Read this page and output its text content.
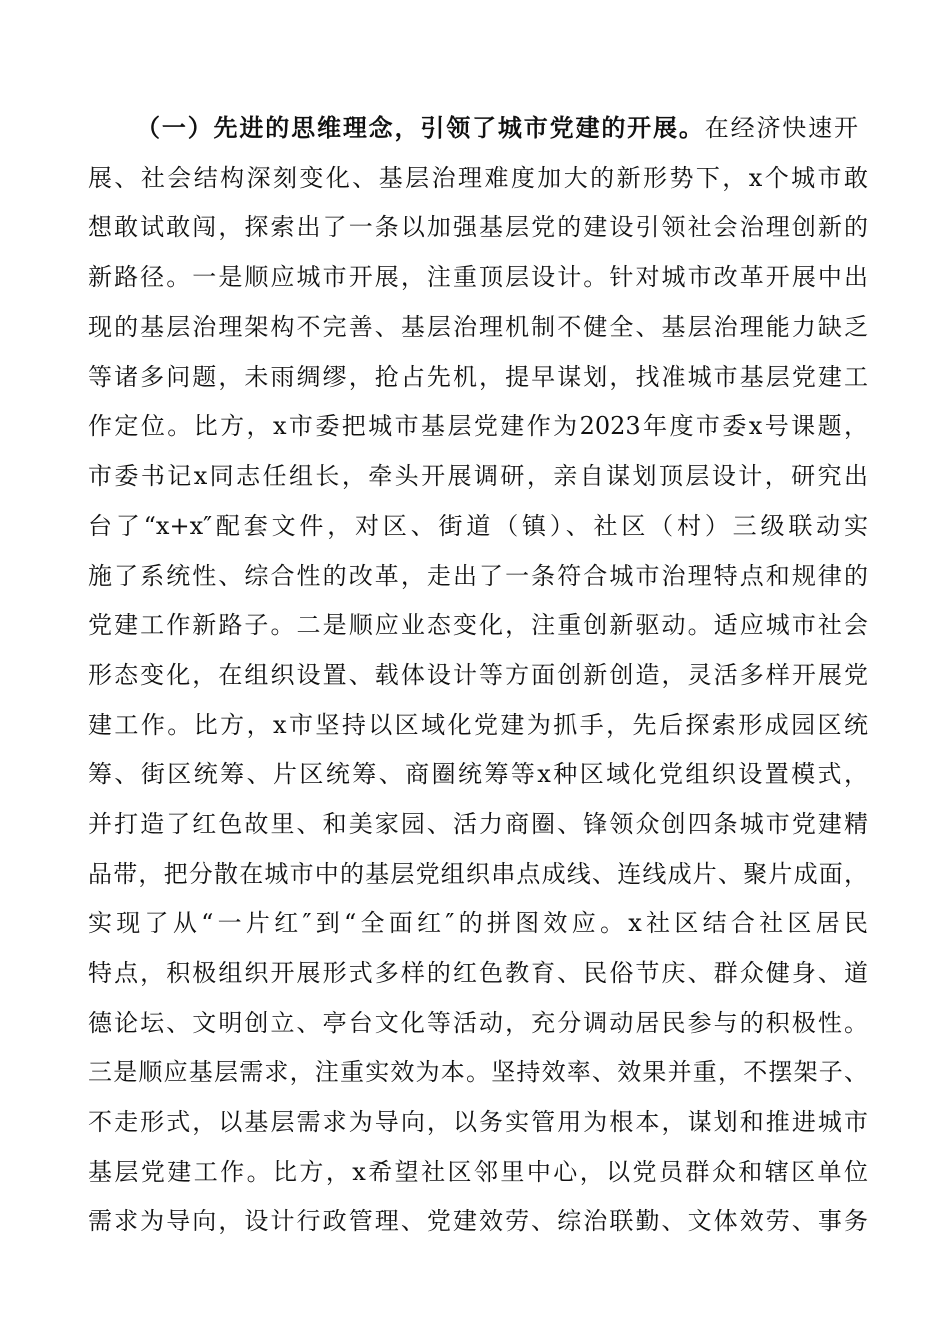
（一）先进的思维理念，引领了城市党建的开展。在经济快速开
展、社会结构深刻变化、基层治理难度加大的新形势下，x个城市敢
想敢试敢闯，探索出了一条以加强基层党的建设引领社会治理创新的
新路径。一是顺应城市开展，注重顶层设计。针对城市改革开展中出
现的基层治理架构不完善、基层治理机制不健全、基层治理能力缺乏
等诸多问题，未雨绸缪，抢占先机，提早谋划，找准城市基层党建工
作定位。比方，x市委把城市基层党建作为2023年度市委x号课题，
市委书记x同志任组长，牵头开展调研，亲自谋划顶层设计，研究出
台了“x+x″配套文件，对区、街道（镇）、社区（村）三级联动实
施了系统性、综合性的改革，走出了一条符合城市治理特点和规律的
党建工作新路子。二是顺应业态变化，注重创新驱动。适应城市社会
形态变化，在组织设置、载体设计等方面创新创造，灵活多样开展党
建工作。比方，x市坚持以区域化党建为抓手，先后探索形成园区统
筹、街区统筹、片区统筹、商圈统筹等x种区域化党组织设置模式，
并打造了红色故里、和美家园、活力商圈、锋领众创四条城市党建精
品带，把分散在城市中的基层党组织串点成线、连线成片、聚片成面，
实现了从“一片红″到“全面红″的拼图效应。x社区结合社区居民
特点，积极组织开展形式多样的红色教育、民俗节庆、群众健身、道
德论坛、文明创立、亭台文化等活动，充分调动居民参与的积极性。
三是顺应基层需求，注重实效为本。坚持效率、效果并重，不摆架子、
不走形式，以基层需求为导向，以务实管用为根本，谋划和推进城市
基层党建工作。比方，x希望社区邻里中心，以党员群众和辖区单位
需求为导向，设计行政管理、党建效劳、综治联勤、文体效劳、事务
